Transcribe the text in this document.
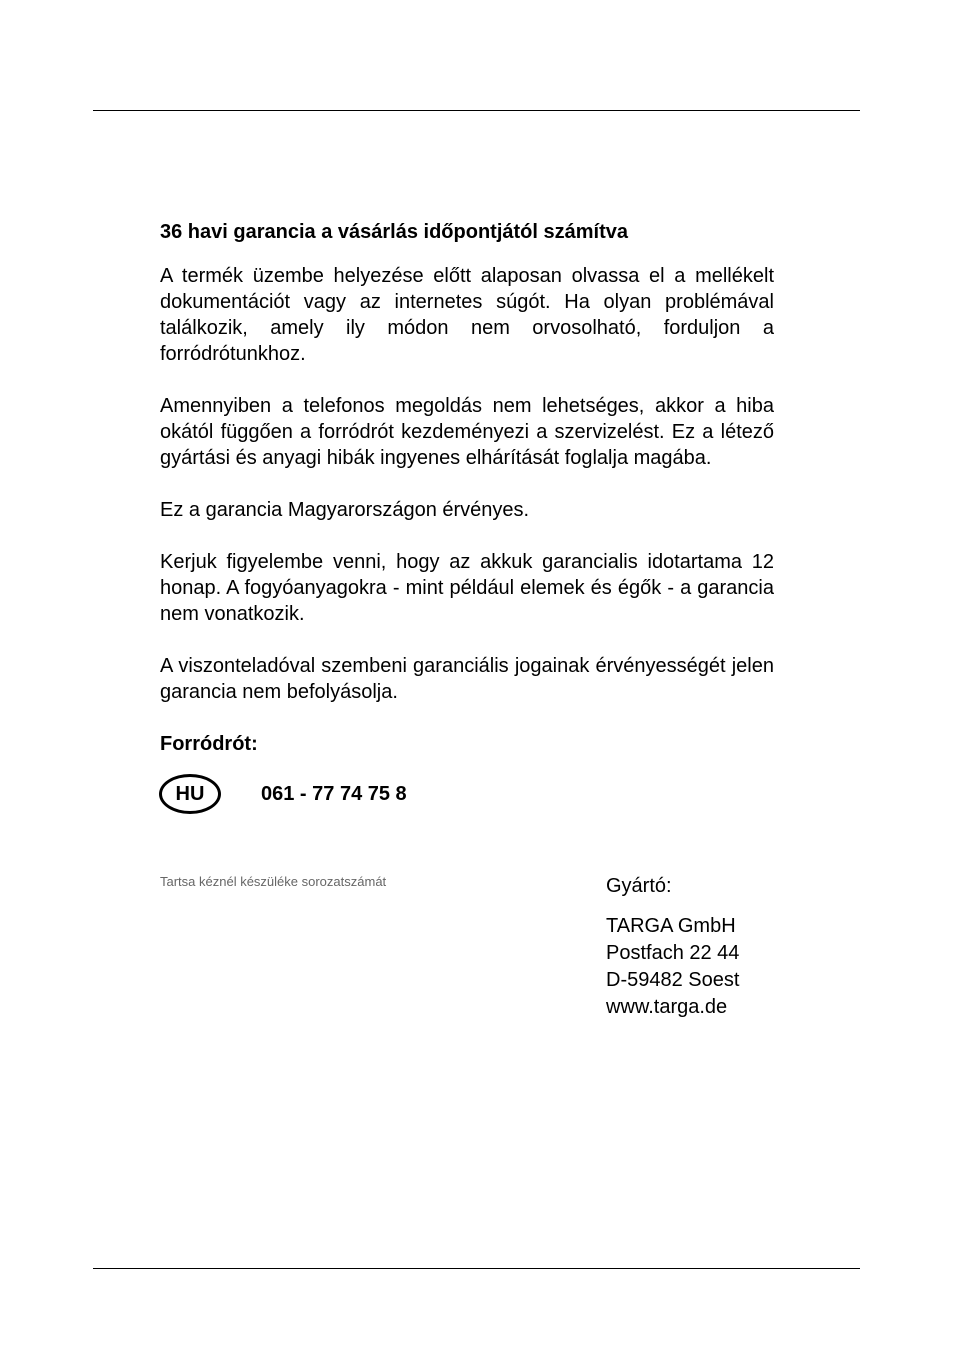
36 havi garancia a vásárlás időpontjától számítva

A termék üzembe helyezése előtt alaposan olvassa el a mellékelt dokumentációt vagy az internetes súgót. Ha olyan problémával találkozik, amely ily módon nem orvosolható, forduljon a forródrótunkhoz.

Amennyiben a telefonos megoldás nem lehetséges, akkor a hiba okától függően a forródrót kezdeményezi a szervizelést. Ez a létező gyártási és anyagi hibák ingyenes elhárítását foglalja magába.

Ez a garancia Magyarországon érvényes.

Kerjuk figyelembe venni, hogy az akkuk garancialis idotartama 12 honap. A fogyóanyagokra - mint például elemek és égők - a garancia nem vonatkozik.

A viszonteladóval szembeni garanciális jogainak érvényességét jelen garancia nem befolyásolja.

Forródrót:
HU	061 - 77 74 75 8
Tartsa kéznél készüléke sorozatszámát	Gyártó:
TARGA GmbH
Postfach 22 44
D-59482 Soest
www.targa.de
